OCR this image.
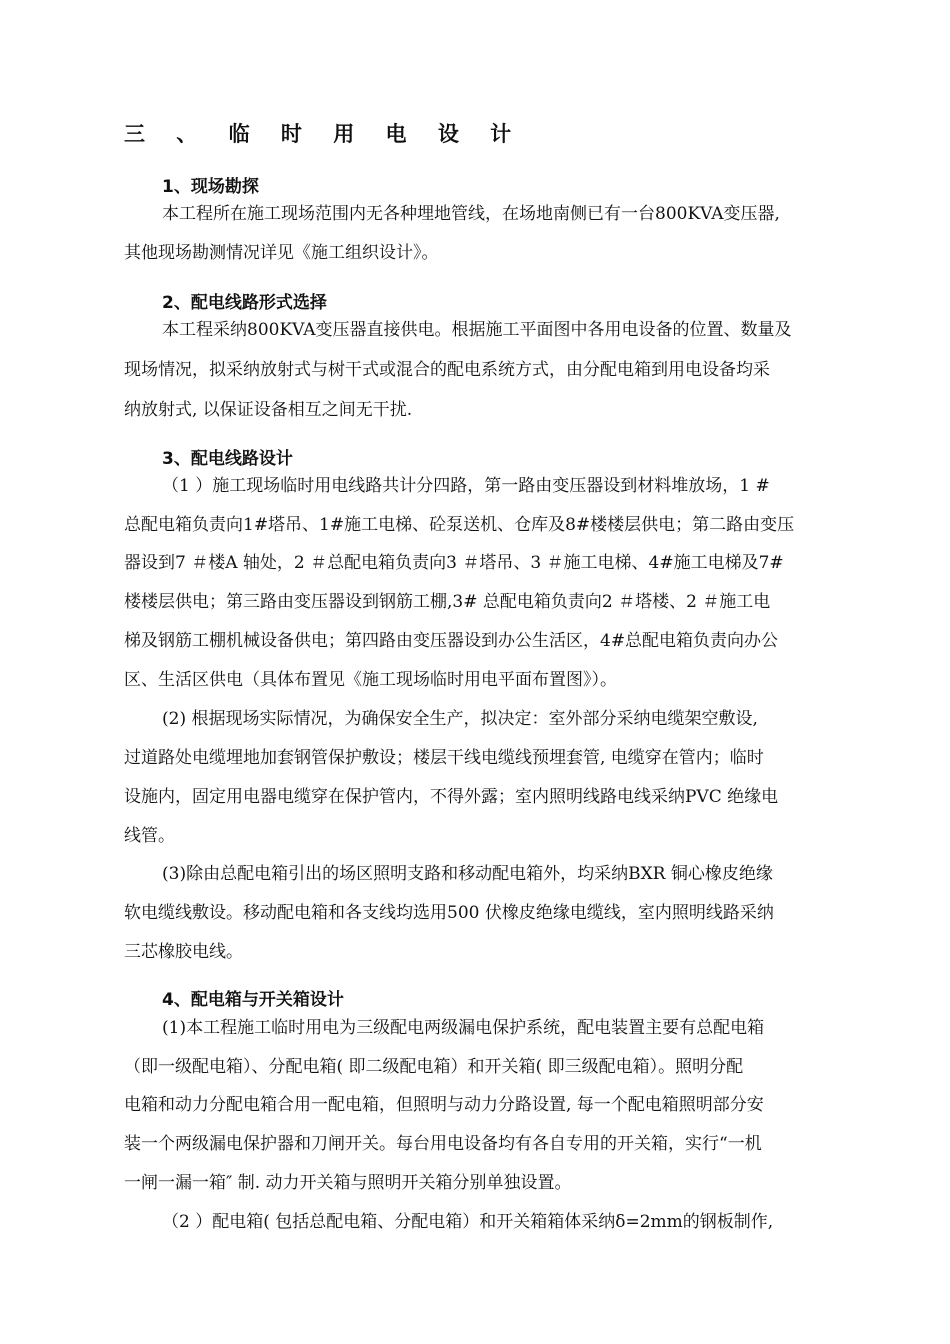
三 、 临 时 用 电 设 计
1、现场勘探
本工程所在施工现场范围内无各种埋地管线，在场地南侧已有一台800KVA变压器,
其他现场勘测情况详见《施工组织设计》。
2、配电线路形式选择
本工程采纳800KVA变压器直接供电。根据施工平面图中各用电设备的位置、数量及
现场情况，拟采纳放射式与树干式或混合的配电系统方式，由分配电箱到用电设备均采
纳放射式, 以保证设备相互之间无干扰.
3、配电线路设计
（1 ）施工现场临时用电线路共计分四路，第一路由变压器设到材料堆放场，1 #
总配电箱负责向1#塔吊、1#施工电梯、砼泵送机、仓库及8#楼楼层供电；第二路由变压
器设到7 ＃楼A 轴处，2 ＃总配电箱负责向3 ＃塔吊、3 ＃施工电梯、4#施工电梯及7#
楼楼层供电；第三路由变压器设到钢筋工棚,3# 总配电箱负责向2 ＃塔楼、2 ＃施工电
梯及钢筋工棚机械设备供电；第四路由变压器设到办公生活区，4#总配电箱负责向办公
区、生活区供电（具体布置见《施工现场临时用电平面布置图》）。
(2) 根据现场实际情况，为确保安全生产，拟决定：室外部分采纳电缆架空敷设,
过道路处电缆埋地加套钢管保护敷设；楼层干线电缆线预埋套管, 电缆穿在管内；临时
设施内，固定用电器电缆穿在保护管内，不得外露；室内照明线路电线采纳PVC 绝缘电
线管。
(3)除由总配电箱引出的场区照明支路和移动配电箱外，均采纳BXR 铜心橡皮绝缘
软电缆线敷设。移动配电箱和各支线均选用500 伏橡皮绝缘电缆线，室内照明线路采纳
三芯橡胶电线。
4、配电箱与开关箱设计
(1)本工程施工临时用电为三级配电两级漏电保护系统，配电装置主要有总配电箱
（即一级配电箱）、分配电箱( 即二级配电箱）和开关箱( 即三级配电箱）。照明分配
电箱和动力分配电箱合用一配电箱，但照明与动力分路设置, 每一个配电箱照明部分安
装一个两级漏电保护器和刀闸开关。每台用电设备均有各自专用的开关箱，实行“一机
一闸一漏一箱″ 制. 动力开关箱与照明开关箱分别单独设置。
（2 ）配电箱( 包括总配电箱、分配电箱）和开关箱箱体采纳δ=2mm的钢板制作,
